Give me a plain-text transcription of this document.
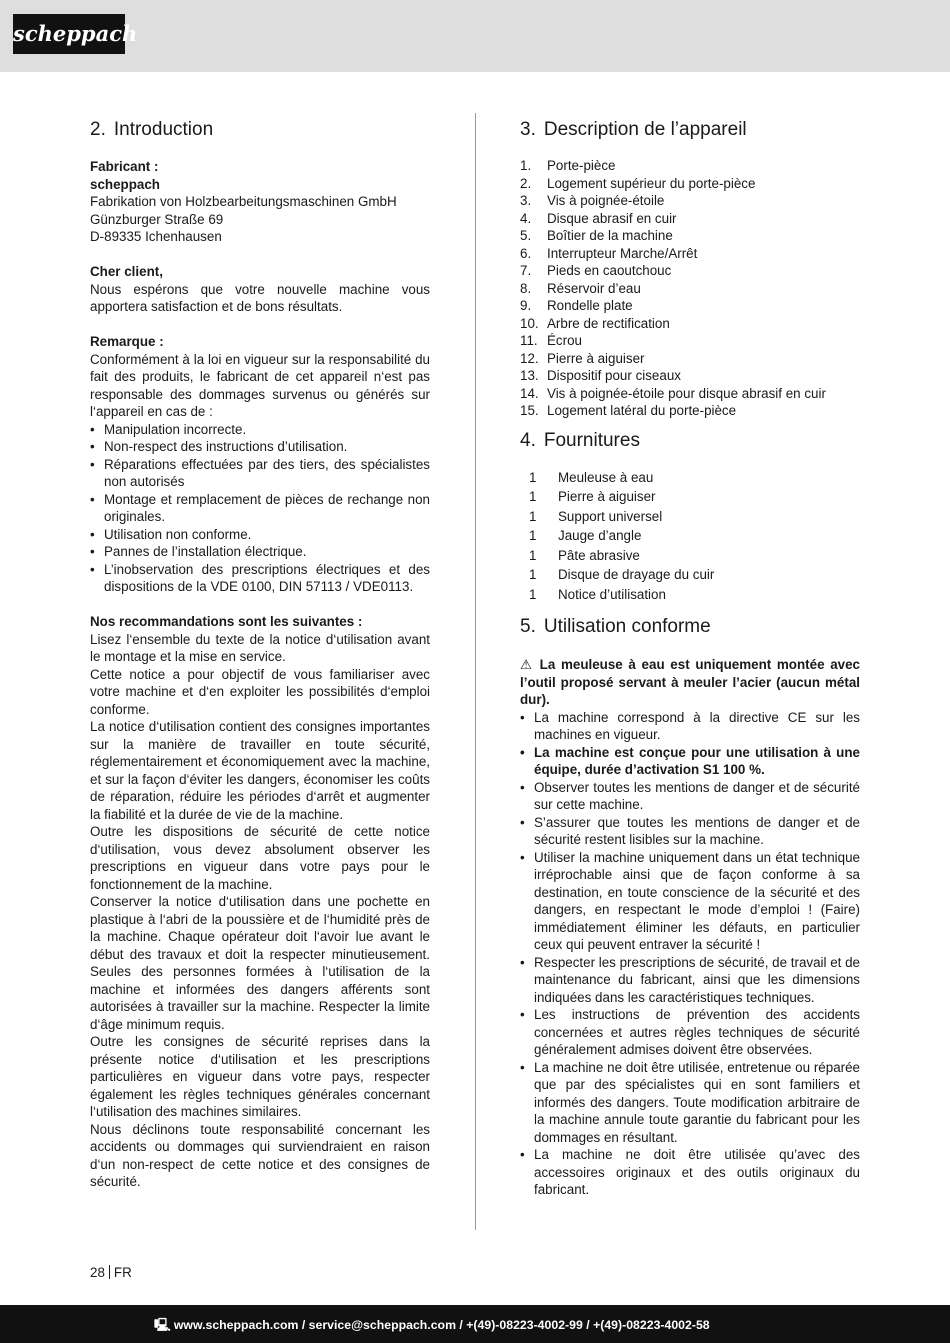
scheppach
2. Introduction
Fabricant :
scheppach
Fabrikation von Holzbearbeitungsmaschinen GmbH
Günzburger Straße 69
D-89335 Ichenhausen
Cher client,

Nous espérons que votre nouvelle machine vous apportera satisfaction et de bons résultats.

Remarque :

Conformément à la loi en vigueur sur la responsabilité du fait des produits, le fabricant de cet appareil n‘est pas responsable des dommages survenus ou générés sur l‘appareil en cas de :

• Manipulation incorrecte.
• Non-respect des instructions d’utilisation.
• Réparations effectuées par des tiers, des spécialistes non autorisés
• Montage et remplacement de pièces de rechange non originales.
• Utilisation non conforme.
• Pannes de l’installation électrique.
• L’inobservation des prescriptions électriques et des dispositions de la VDE 0100, DIN 57113 / VDE0113.
Nos recommandations sont les suivantes :

Lisez l‘ensemble du texte de la notice d‘utilisation avant le montage et la mise en service.

Cette notice a pour objectif de vous familiariser avec votre machine et d‘en exploiter les possibilités d‘emploi conforme.

La notice d‘utilisation contient des consignes importantes sur la manière de travailler en toute sécurité, réglementairement et économiquement avec la machine, et sur la façon d‘éviter les dangers, économiser les coûts de réparation, réduire les périodes d‘arrêt et augmenter la fiabilité et la durée de vie de la machine.

Outre les dispositions de sécurité de cette notice d‘utilisation, vous devez absolument observer les prescriptions en vigueur dans votre pays pour le fonctionnement de la machine.

Conserver la notice d‘utilisation dans une pochette en plastique à l‘abri de la poussière et de l‘humidité près de la machine. Chaque opérateur doit l‘avoir lue avant le début des travaux et doit la respecter minutieusement. Seules des personnes formées à l‘utilisation de la machine et informées des dangers afférents sont autorisées à travailler sur la machine. Respecter la limite d‘âge minimum requis.

Outre les consignes de sécurité reprises dans la présente notice d‘utilisation et les prescriptions particulières en vigueur dans votre pays, respecter également les règles techniques générales concernant l‘utilisation des machines similaires.

Nous déclinons toute responsabilité concernant les accidents ou dommages qui surviendraient en raison d‘un non-respect de cette notice et des consignes de sécurité.

3. Description de l’appareil
1.	Porte-pièce
2.	Logement supérieur du porte-pièce
3.	Vis à poignée-étoile
4.	Disque abrasif en cuir
5.	Boîtier de la machine
6.	Interrupteur Marche/Arrêt
7.	Pieds en caoutchouc
8.	Réservoir d’eau
9.	Rondelle plate
10. Arbre de rectification
11. Écrou
12. Pierre à aiguiser
13. Dispositif pour ciseaux
14. Vis à poignée-étoile pour disque abrasif en cuir
15. Logement latéral du porte-pièce
4. Fournitures
1	Meuleuse à eau
1	Pierre à aiguiser
1	Support universel
1	Jauge d’angle
1	Pâte abrasive
1	Disque de drayage du cuir
1	Notice d’utilisation
5. Utilisation conforme

⚠ La meuleuse à eau est uniquement montée avec l’outil proposé servant à meuler l’acier (aucun métal dur).

• La machine correspond à la directive CE sur les machines en vigueur.
• La machine est conçue pour une utilisation à une équipe, durée d’activation S1 100 %.
• Observer toutes les mentions de danger et de sécurité sur cette machine.
• S’assurer que toutes les mentions de danger et de sécurité restent lisibles sur la machine.
• Utiliser la machine uniquement dans un état technique irréprochable ainsi que de façon conforme à sa destination, en toute conscience de la sécurité et des dangers, en respectant le mode d’emploi ! (Faire) immédiatement éliminer les défauts, en particulier ceux qui peuvent entraver la sécurité !
• Respecter les prescriptions de sécurité, de travail et de maintenance du fabricant, ainsi que les dimensions indiquées dans les caractéristiques techniques.
• Les instructions de prévention des accidents concernées et autres règles techniques de sécurité généralement admises doivent être observées.
• La machine ne doit être utilisée, entretenue ou réparée que par des spécialistes qui en sont familiers et informés des dangers. Toute modification arbitraire de la machine annule toute garantie du fabricant pour les dommages en résultant.
• La machine ne doit être utilisée qu’avec des accessoires originaux et des outils originaux du fabricant.
28 FR
🖳 www.scheppach.com / service@scheppach.com / +(49)-08223-4002-99 / +(49)-08223-4002-58
